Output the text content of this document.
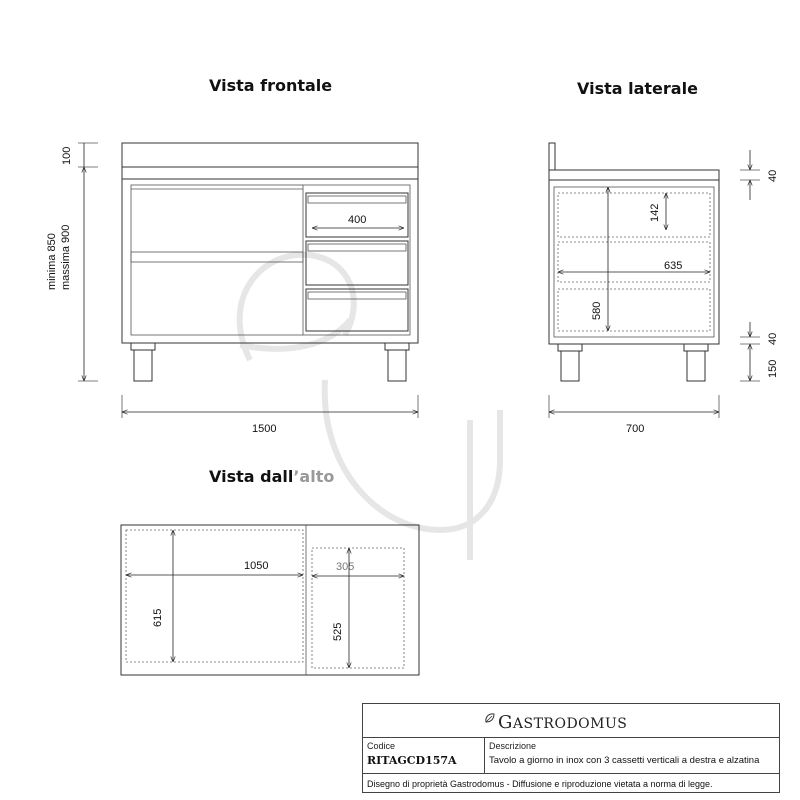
Vista frontale	Vista laterale
Vista dall’alto
400
1500
100
minima 850 massima 900
580
142
635
700
40
40
150
1050	305
615
525
GASTRODOMUS
Codice
RITAGCD157A
Descrizione
Tavolo a giorno in inox con 3 cassetti verticali a destra e alzatina
Disegno di proprietà Gastrodomus - Diffusione e riproduzione vietata a norma di legge.
